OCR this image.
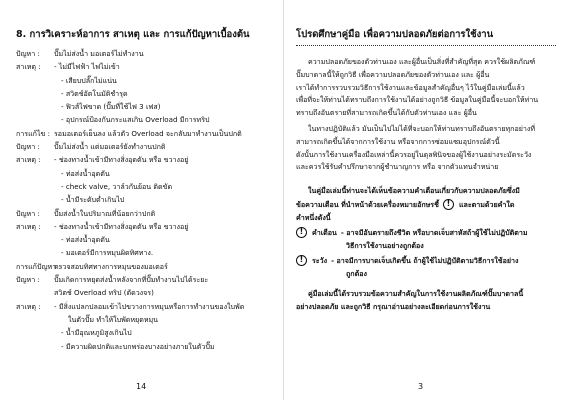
8. การวิเคราะห์อาการ สาเหตุ และ การแก้ปัญหาเบื้องต้น
ปัญหา :	ปั๊มไม่ส่งน้ำ มอเตอร์ไม่ทำงาน
สาเหตุ :	- ไม่มีไฟฟ้า ไฟไม่เข้า
- เสียบปลั๊กไม่แน่น
- สวิตช์อัตโนมัติชำรุด
- ฟิวส์ไฟขาด (ปั๊มที่ใช้ไฟ 3 เฟส)
- อุปกรณ์ป้องกันกระแสเกิน Overload มีการทริป
การแก้ไข : รอมอเตอร์เย็นลง แล้วตัว Overload จะกลับมาทำงานเป็นปกติ
ปัญหา :	ปั๊มไม่ส่งน้ำ แต่มอเตอร์ยังทำงานปกติ
สาเหตุ :	- ช่องทางน้ำเข้ามีทางสิ่งอุดตัน หรือ ขวางอยู่
- ท่อส่งน้ำอุดตัน
- check valve, วาล์วกันย้อน ติดขัด
- น้ำมีระดับต่ำเกินไป
ปัญหา :	ปั๊มส่งน้ำในปริมาณที่น้อยกว่าปกติ
สาเหตุ :	- ช่องทางน้ำเข้ามีทางสิ่งอุดตัน หรือ ขวางอยู่
- ท่อส่งน้ำอุดตัน
- มอเตอร์มีการหมุนผิดทิศทาง.
การแก้ปัญหา :
ตรวจสอบทิศทางการหมุนของมอเตอร์
ปัญหา :	ปั๊มเกิดการหยุดส่งน้ำหลังจากที่ปั๊มทำงานไปได้ระยะ
สวิตช์ Overload ทริป (ตัดวงจร)
สาเหตุ :	- มีสิ่งแปลกปลอมเข้าไปขวางการหมุนหรือการทำงานของใบพัด
ในตัวปั๊ม ทำให้ใบพัดหยุดหมุน
- น้ำมีอุณหภูมิสูงเกินไป
- มีความผิดปกติและบกพร่องบางอย่างภายในตัวปั๊ม
14
โปรดศึกษาคู่มือ เพื่อความปลอดภัยต่อการใช้งาน
ความปลอดภัยของตัวท่านเอง และผู้อื่นเป็นสิ่งที่สำคัญที่สุด ควรใช้ผลิตภัณฑ์
ปั๊มบาดาลนี้ให้ถูกวิธี เพื่อความปลอดภัยของตัวท่านเอง และ ผู้อื่น
เราได้ทำการรวบรวมวิธีการใช้งานและข้อมูลสำคัญอื่นๆ ไว้ในคู่มือเล่มนี้แล้ว
เพื่อที่จะให้ท่านได้ทราบถึงการใช้งานได้อย่างถูกวิธี ข้อมูลในคู่มือนี้จะบอกให้ท่าน
ทราบถึงอันตรายที่สามารถเกิดขึ้นได้กับตัวท่านเอง และ ผู้อื่น
ในทางปฏิบัติแล้ว มันเป็นไปไม่ได้ที่จะบอกให้ท่านทราบถึงอันตรายทุกอย่างที่
สามารถเกิดขึ้นได้จากการใช้งาน หรือจากการซ่อมแซมอุปกรณ์ตัวนี้
ดังนั้นการใช้งานเครื่องมือเหล่านี้ควรอยู่ในดุลพินิจของผู้ใช้งานอย่างระมัดระวัง
และควรใช้รับคำปรึกษาจากผู้ชำนาญการ หรือ จากตัวแทนจำหน่าย
ในคู่มือเล่มนี้ท่านจะได้เห็นข้อความคำเตือนเกี่ยวกับความปลอดภัยซึ่งมี
ข้อความเตือน ที่นำหน้าด้วยเครื่องหมายอักษรชี้ !	และตามด้วยคำใด
คำหนึ่งดังนี้
!	คำเตือน - อาจมีอันตรายถึงชีวิต หรือบาดเจ็บสาหัสถ้าผู้ใช้ไม่ปฏิบัติตาม
วิธีการใช้งานอย่างถูกต้อง
!	ระวัง - อาจมีการบาดเจ็บเกิดขึ้น ถ้าผู้ใช้ไม่ปฏิบัติตามวิธีการใช้อย่าง
ถูกต้อง
คู่มือเล่มนี้ได้รวบรวมข้อความสำคัญในการใช้งานผลิตภัณฑ์ปั๊มบาดาลนี้
อย่างปลอดภัย และถูกวิธี กรุณาอ่านอย่างละเอียดก่อนการใช้งาน
3
